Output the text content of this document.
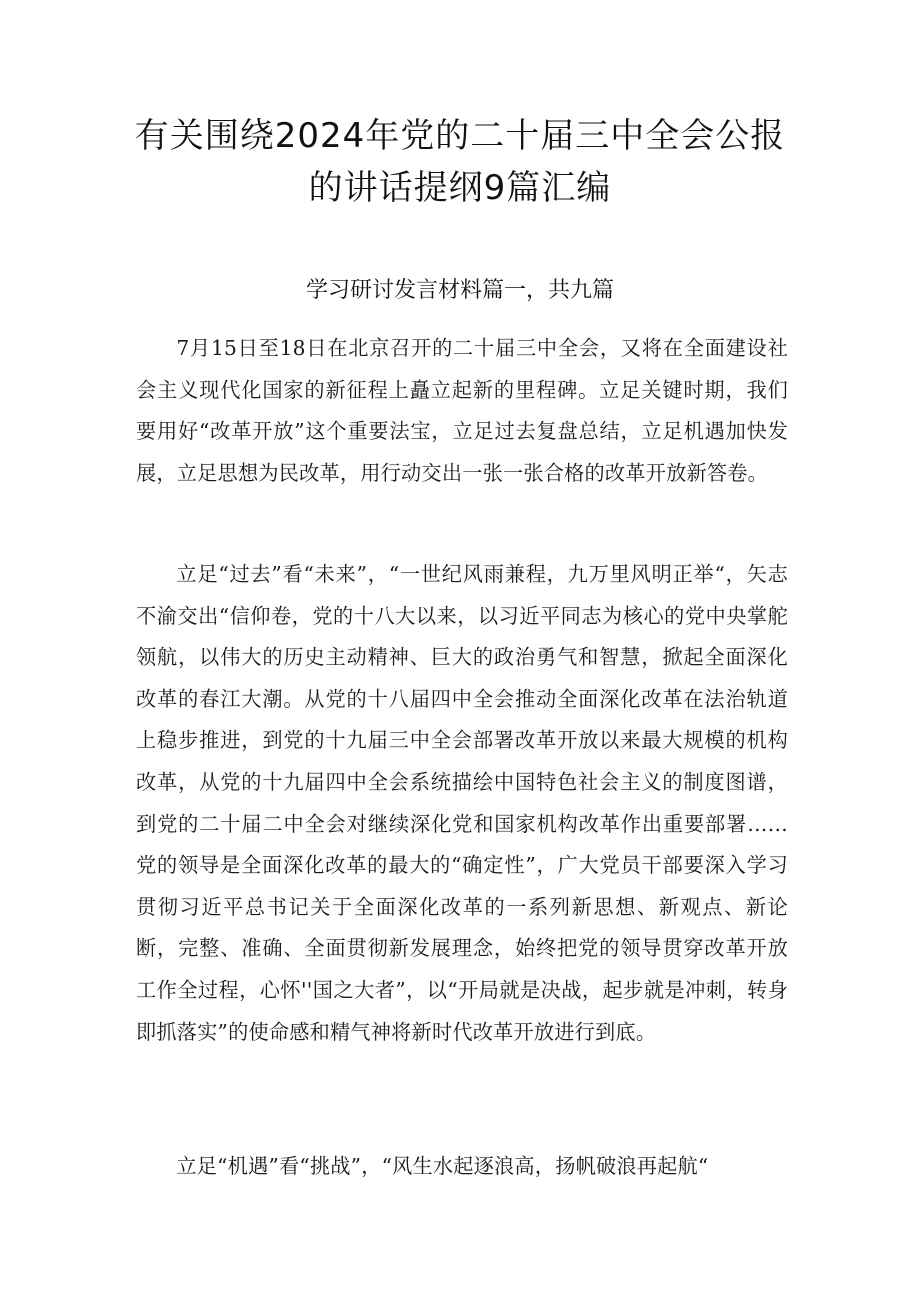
有关围绕2024年党的二十届三中全会公报
的讲话提纲9篇汇编
学习研讨发言材料篇一，共九篇

7月15日至18日在北京召开的二十届三中全会，又将在全面建设社会主义现代化国家的新征程上矗立起新的里程碑。立足关键时期，我们要用好“改革开放”这个重要法宝，立足过去复盘总结，立足机遇加快发展，立足思想为民改革，用行动交出一张一张合格的改革开放新答卷。

立足“过去”看“未来”，“一世纪风雨兼程，九万里风明正举“，矢志不渝交出“信仰卷，党的十八大以来，以习近平同志为核心的党中央掌舵领航，以伟大的历史主动精神、巨大的政治勇气和智慧，掀起全面深化改革的春江大潮。从党的十八届四中全会推动全面深化改革在法治轨道上稳步推进，到党的十九届三中全会部署改革开放以来最大规模的机构改革，从党的十九届四中全会系统描绘中国特色社会主义的制度图谱，到党的二十届二中全会对继续深化党和国家机构改革作出重要部署……党的领导是全面深化改革的最大的“确定性”，广大党员干部要深入学习贯彻习近平总书记关于全面深化改革的一系列新思想、新观点、新论断，完整、准确、全面贯彻新发展理念，始终把党的领导贯穿改革开放工作全过程，心怀''国之大者”，以“开局就是决战，起步就是冲刺，转身即抓落实”的使命感和精气神将新时代改革开放进行到底。

立足“机遇”看“挑战”，“风生水起逐浪高，扬帆破浪再起航“
